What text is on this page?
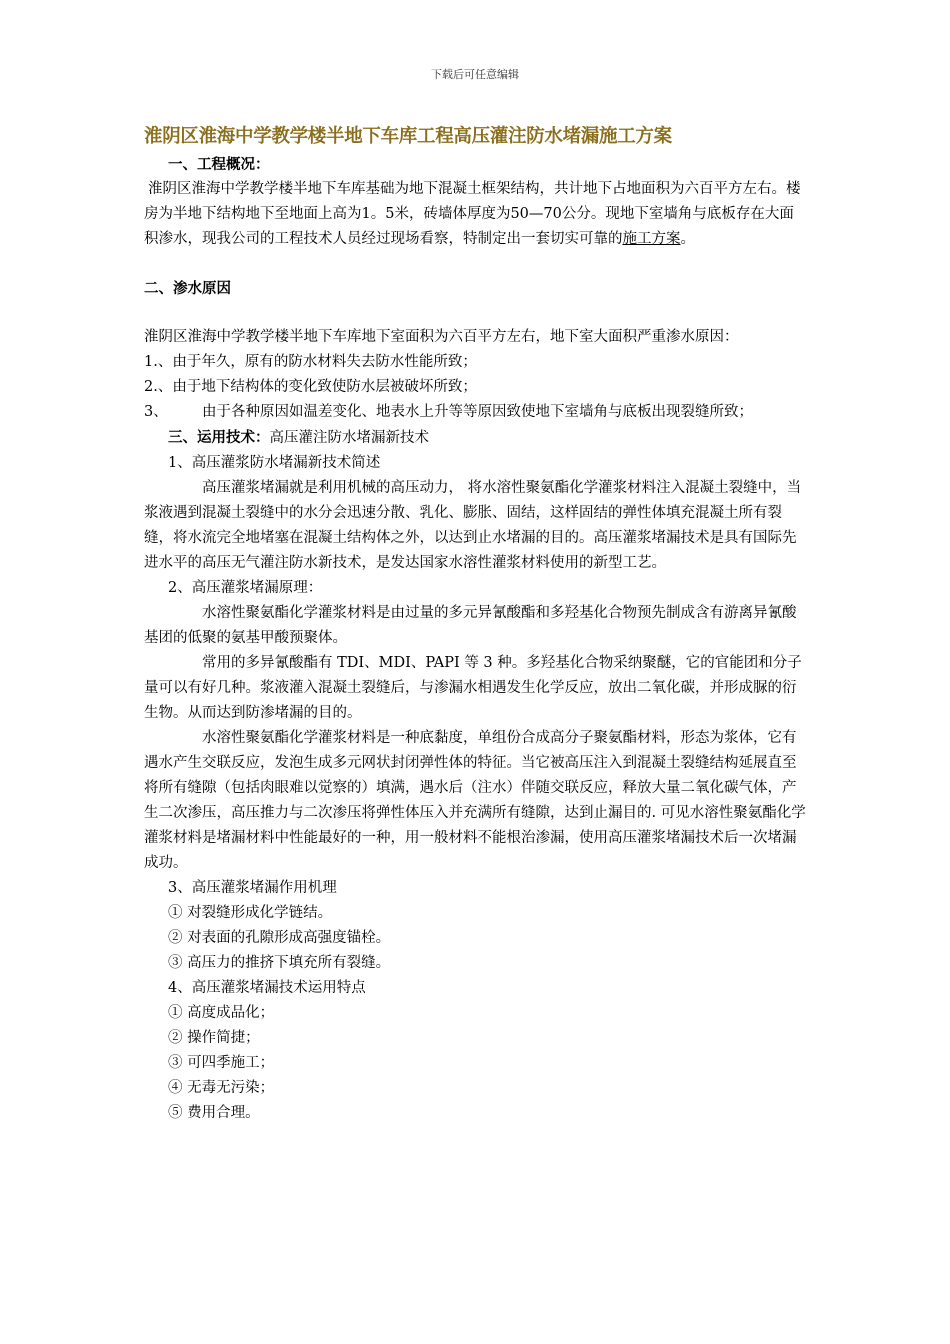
下载后可任意编辑
淮阴区淮海中学教学楼半地下车库工程高压灌注防水堵漏施工方案

一、工程概况：

淮阴区淮海中学教学楼半地下车库基础为地下混凝土框架结构，共计地下占地面积为六百平方左右。楼房为半地下结构地下至地面上高为1。5米，砖墙体厚度为50—70公分。现地下室墙角与底板存在大面积渗水，现我公司的工程技术人员经过现场看察，特制定出一套切实可靠的施工方案。

二、渗水原因

淮阴区淮海中学教学楼半地下车库地下室面积为六百平方左右，地下室大面积严重渗水原因：

1.、由于年久，原有的防水材料失去防水性能所致；

2.、由于地下结构体的变化致使防水层被破坏所致；

3、 由于各种原因如温差变化、地表水上升等等原因致使地下室墙角与底板出现裂缝所致；

三、运用技术：高压灌注防水堵漏新技术

1、高压灌浆防水堵漏新技术简述

高压灌浆堵漏就是利用机械的高压动力， 将水溶性聚氨酯化学灌浆材料注入混凝土裂缝中，当浆液遇到混凝土裂缝中的水分会迅速分散、乳化、膨胀、固结，这样固结的弹性体填充混凝土所有裂缝，将水流完全地堵塞在混凝土结构体之外，以达到止水堵漏的目的。高压灌浆堵漏技术是具有国际先进水平的高压无气灌注防水新技术，是发达国家水溶性灌浆材料使用的新型工艺。

2、高压灌浆堵漏原理：

水溶性聚氨酯化学灌浆材料是由过量的多元异氰酸酯和多羟基化合物预先制成含有游离异氰酸基团的低聚的氨基甲酸预聚体。

常用的多异氰酸酯有 TDI、MDI、PAPI 等 3 种。多羟基化合物采纳聚醚，它的官能团和分子量可以有好几种。浆液灌入混凝土裂缝后，与渗漏水相遇发生化学反应，放出二氧化碳，并形成脲的衍生物。从而达到防渗堵漏的目的。

水溶性聚氨酯化学灌浆材料是一种底黏度，单组份合成高分子聚氨酯材料，形态为浆体，它有遇水产生交联反应，发泡生成多元网状封闭弹性体的特征。当它被高压注入到混凝土裂缝结构延展直至将所有缝隙（包括肉眼难以觉察的）填满，遇水后（注水）伴随交联反应，释放大量二氧化碳气体，产生二次渗压，高压推力与二次渗压将弹性体压入并充满所有缝隙，达到止漏目的. 可见水溶性聚氨酯化学灌浆材料是堵漏材料中性能最好的一种，用一般材料不能根治渗漏，使用高压灌浆堵漏技术后一次堵漏成功。

3、高压灌浆堵漏作用机理

① 对裂缝形成化学链结。

② 对表面的孔隙形成高强度锚栓。

③ 高压力的推挤下填充所有裂缝。

4、高压灌浆堵漏技术运用特点

① 高度成品化；

② 操作简捷；

③ 可四季施工；

④ 无毒无污染；

⑤ 费用合理。
